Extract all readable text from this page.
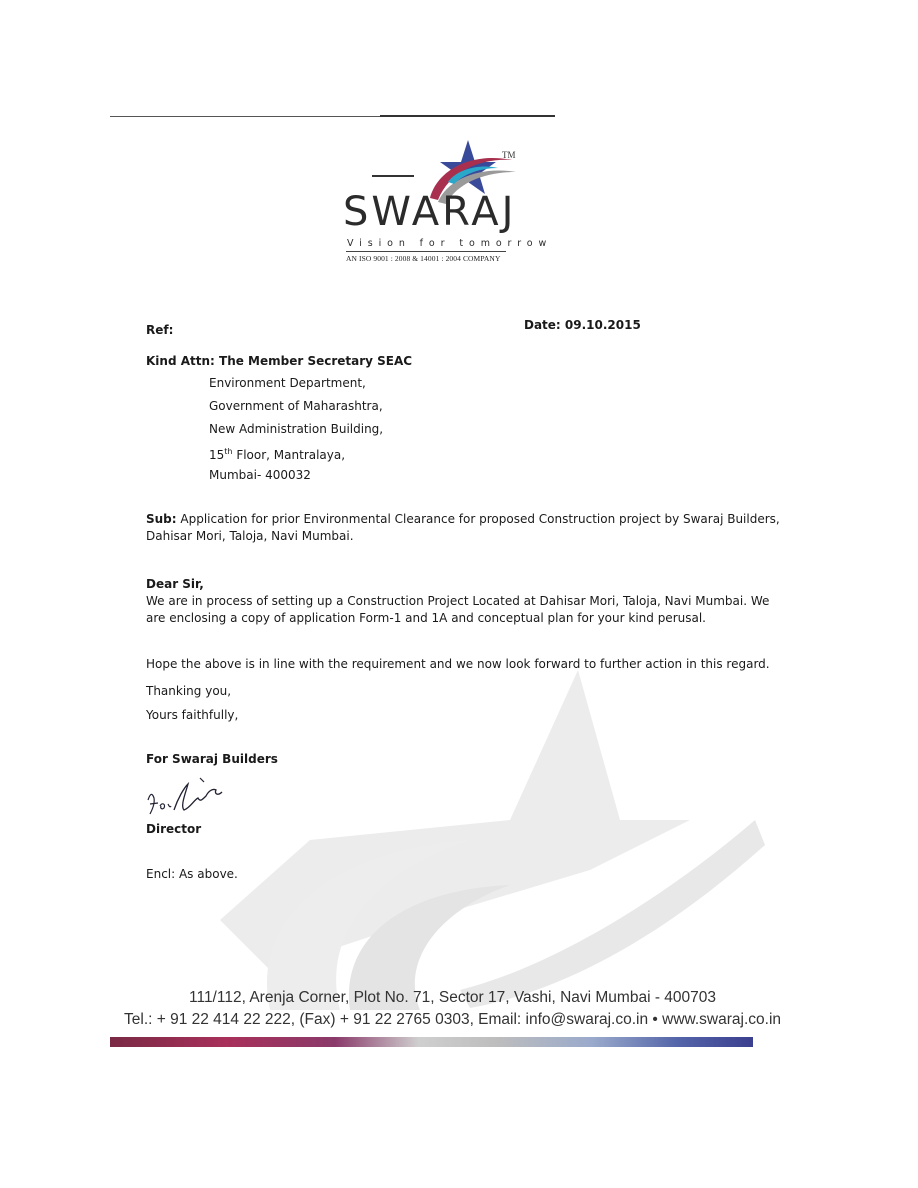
TM
SWARAJ
Vision for tomorrow
AN ISO 9001 : 2008 & 14001 : 2004 COMPANY
Ref:	Date: 09.10.2015
Kind Attn: The Member Secretary SEAC
Environment Department,
Government of Maharashtra,
New Administration Building,
15th Floor, Mantralaya,
Mumbai- 400032
Sub: Application for prior Environmental Clearance for proposed Construction project by Swaraj Builders,
Dahisar Mori, Taloja, Navi Mumbai.
Dear Sir,
We are in process of setting up a Construction Project Located at Dahisar Mori, Taloja, Navi Mumbai. We
are enclosing a copy of application Form-1 and 1A and conceptual plan for your kind perusal.
Hope the above is in line with the requirement and we now look forward to further action in this regard.
Thanking you,
Yours faithfully,
For Swaraj Builders
Director
Encl: As above.
111/112, Arenja Corner, Plot No. 71, Sector 17, Vashi, Navi Mumbai - 400703
Tel.: + 91 22 414 22 222, (Fax) + 91 22 2765 0303, Email: info@swaraj.co.in • www.swaraj.co.in
